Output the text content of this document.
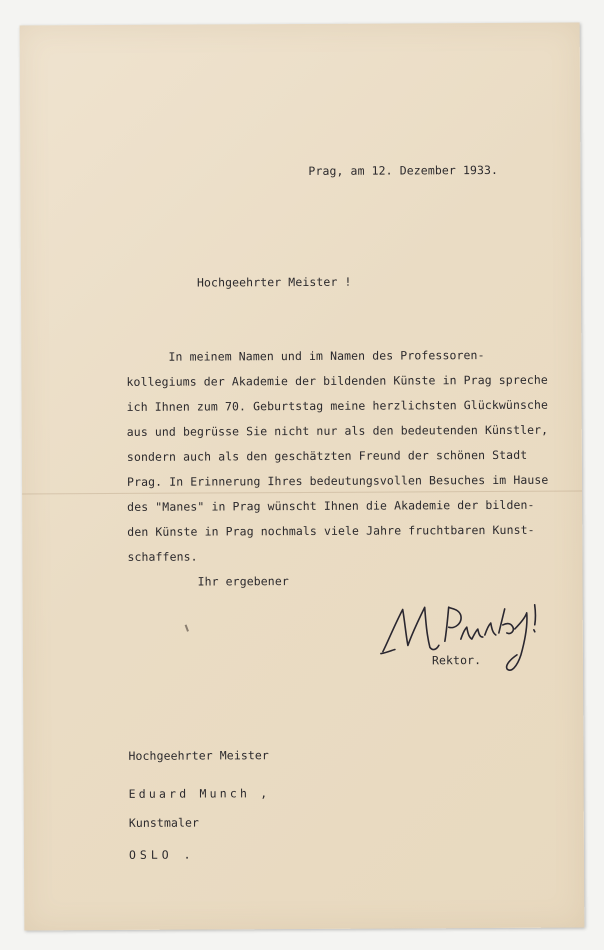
Prag, am 12. Dezember 1933.
Hochgeehrter Meister !
In meinem Namen und im Namen des Professoren-
kollegiums der Akademie der bildenden Künste in Prag spreche
ich Ihnen zum 70. Geburtstag meine herzlichsten Glückwünsche
aus und begrüsse Sie nicht nur als den bedeutenden Künstler,
sondern auch als den geschätzten Freund der schönen Stadt
Prag. In Erinnerung Ihres bedeutungsvollen Besuches im Hause
des "Manes" in Prag wünscht Ihnen die Akademie der bilden-
den Künste in Prag nochmals viele Jahre fruchtbaren Kunst-
schaffens.
Ihr ergebener
Rektor.
Hochgeehrter Meister
Eduard Munch ,
Kunstmaler
OSLO .
